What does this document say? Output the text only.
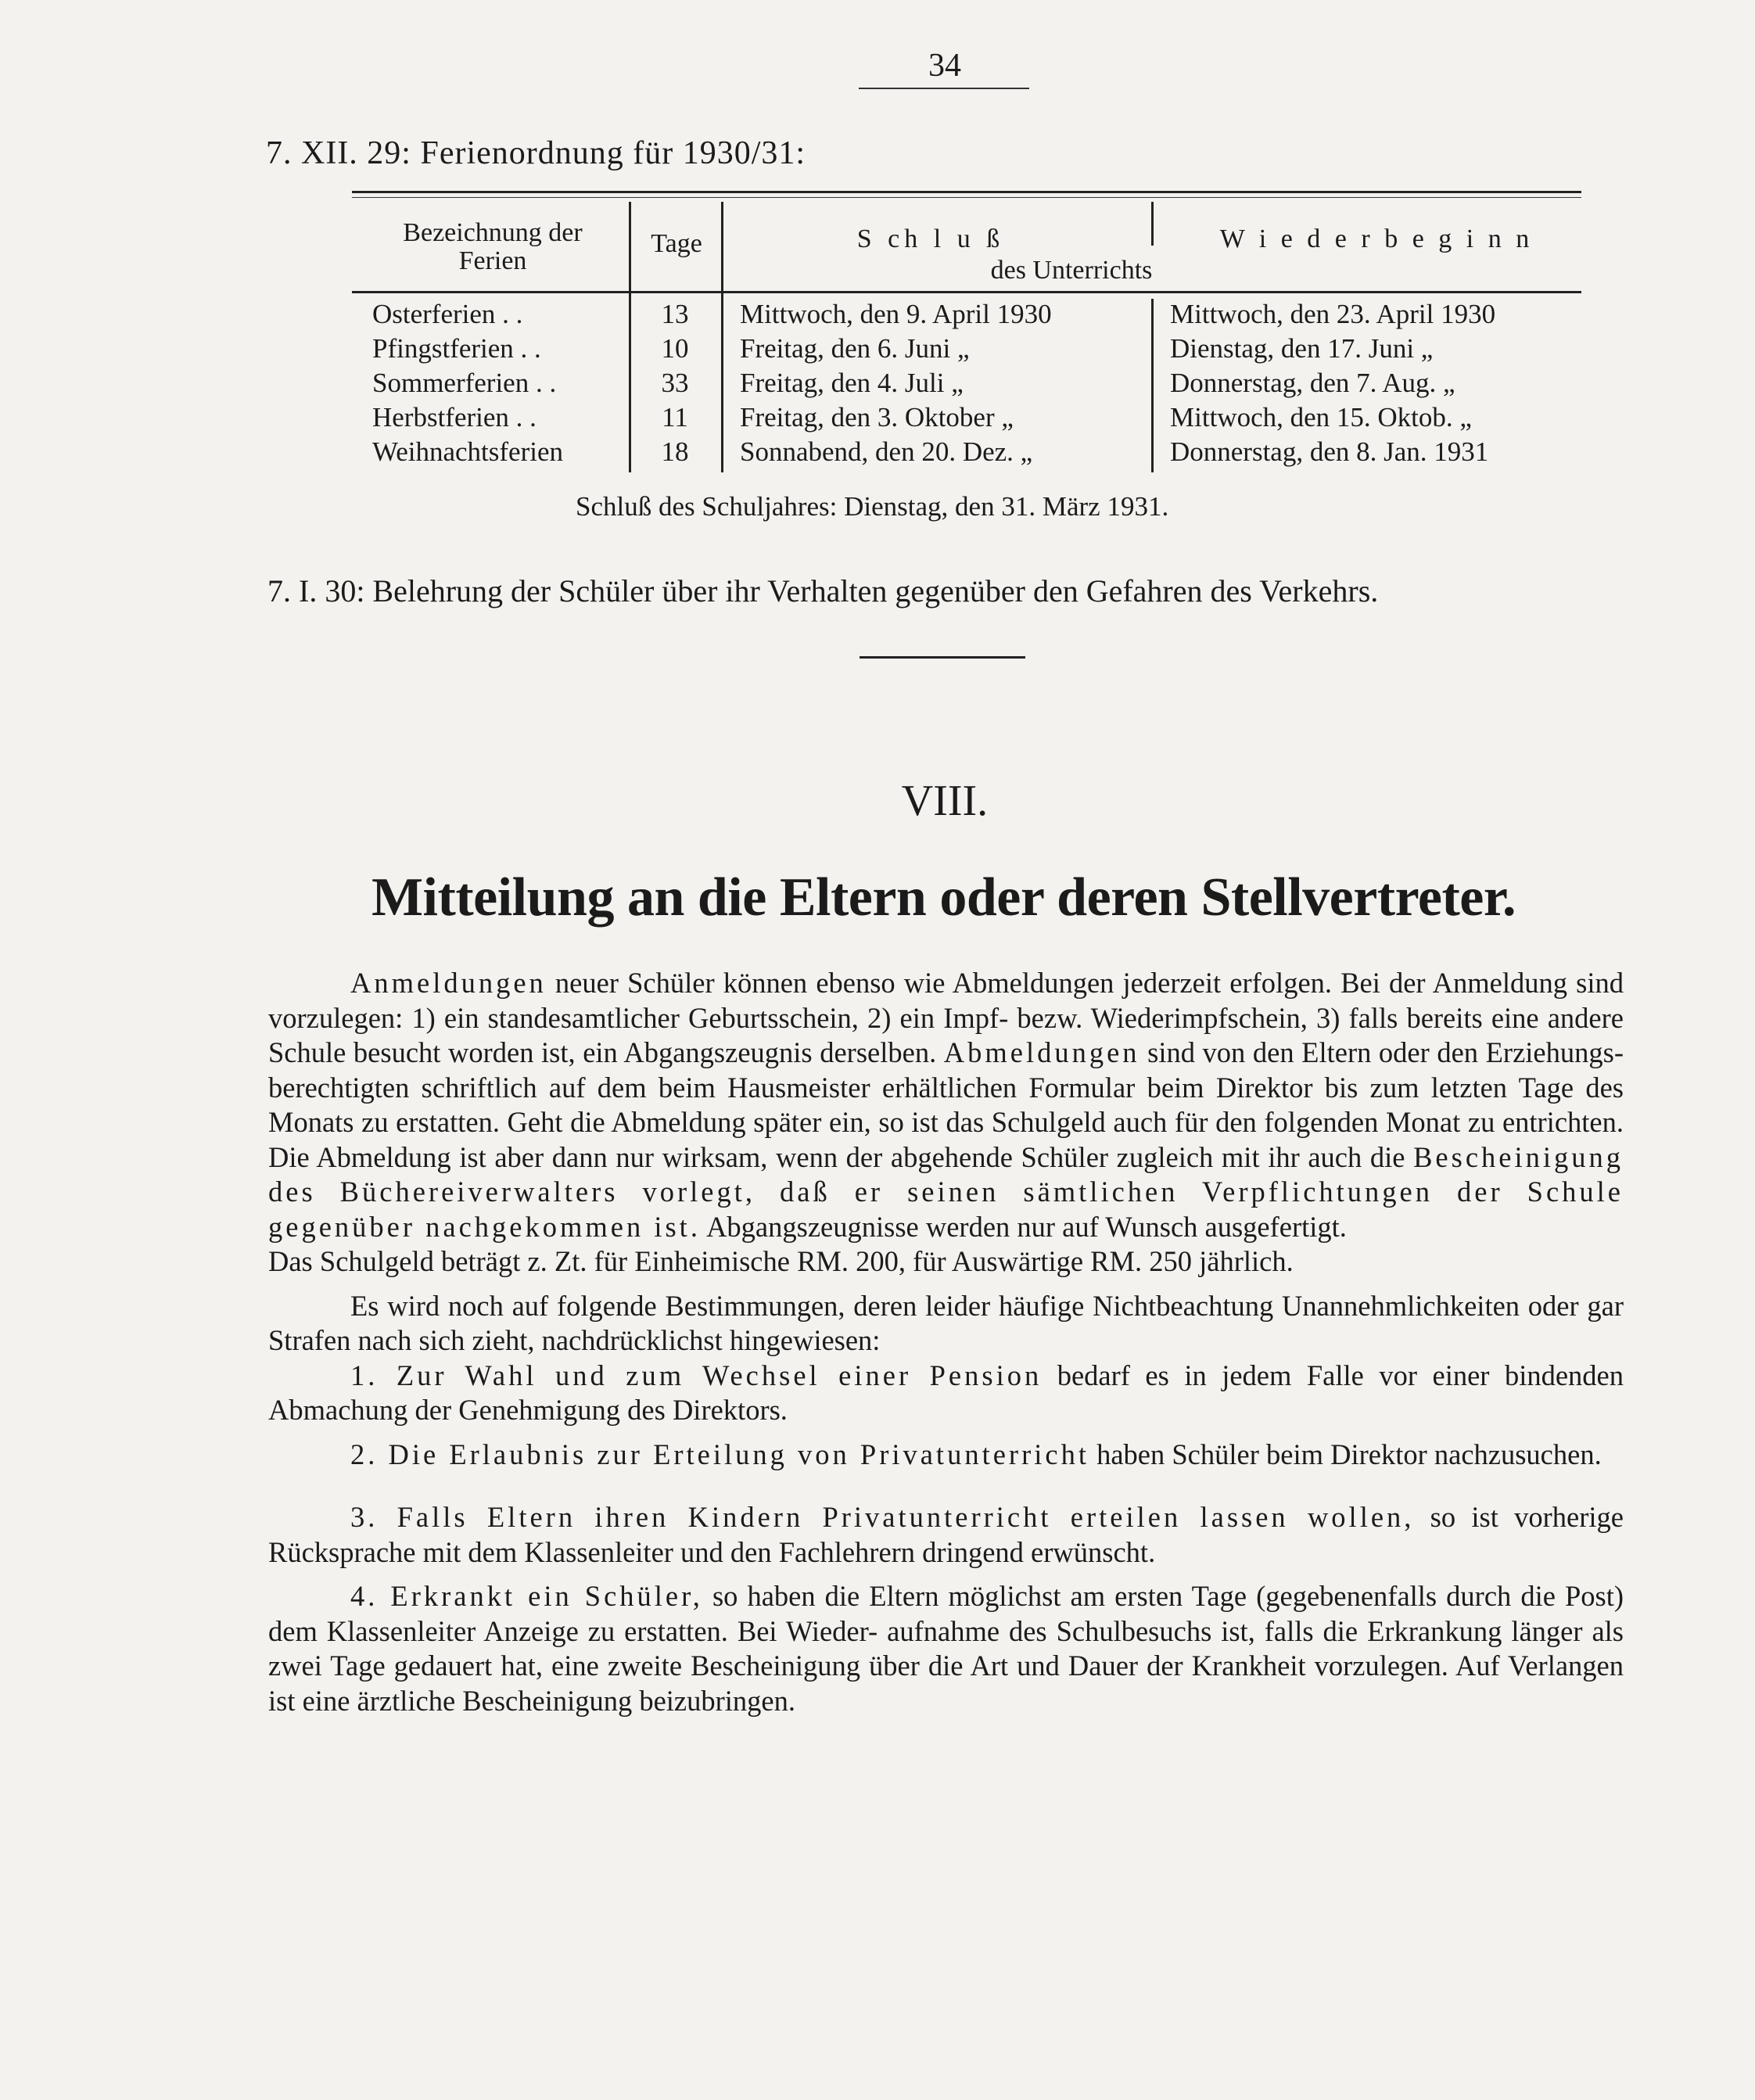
34
7. XII. 29: Ferienordnung für 1930/31:
Bezeichnung der Ferien
Tage	S ch l u ß	W i e d e r b e g i n n
des Unterrichts
Osterferien . .	13	Mittwoch, den 9. April 1930	Mittwoch, den 23. April 1930
Pfingstferien . .	10	Freitag, den 6. Juni „	Dienstag, den 17. Juni „
Sommerferien . .	33	Freitag, den 4. Juli „	Donnerstag, den 7. Aug. „
Herbstferien . .	11	Freitag, den 3. Oktober „	Mittwoch, den 15. Oktob. „
Weihnachtsferien	18	Sonnabend, den 20. Dez. „	Donnerstag, den 8. Jan. 1931
Schluß des Schuljahres: Dienstag, den 31. März 1931.
7. I. 30: Belehrung der Schüler über ihr Verhalten gegenüber den Gefahren des Verkehrs.
VIII.
Mitteilung an die Eltern oder deren Stellvertreter.

Anmeldungen neuer Schüler können ebenso wie Abmeldungen jederzeit erfolgen. Bei der Anmeldung sind vorzulegen: 1) ein standesamtlicher Geburtsschein, 2) ein Impf- bezw. Wiederimpfschein, 3) falls bereits eine andere Schule besucht worden ist, ein Abgangszeugnis derselben. Abmeldungen sind von den Eltern oder den Erziehungs- berechtigten schriftlich auf dem beim Hausmeister erhältlichen Formular beim Direktor bis zum letzten Tage des Monats zu erstatten. Geht die Abmeldung später ein, so ist das Schulgeld auch für den folgenden Monat zu entrichten. Die Abmeldung ist aber dann nur wirksam, wenn der abgehende Schüler zugleich mit ihr auch die Bescheinigung des Büchereiverwalters vorlegt, daß er seinen sämtlichen Verpflichtungen der Schule gegenüber nachgekommen ist. Abgangszeugnisse werden nur auf Wunsch ausgefertigt.

Das Schulgeld beträgt z. Zt. für Einheimische RM. 200, für Auswärtige RM. 250 jährlich.

Es wird noch auf folgende Bestimmungen, deren leider häufige Nichtbeachtung Unannehmlichkeiten oder gar Strafen nach sich zieht, nachdrücklichst hingewiesen:

1. Zur Wahl und zum Wechsel einer Pension bedarf es in jedem Falle vor einer bindenden Abmachung der Genehmigung des Direktors.

2. Die Erlaubnis zur Erteilung von Privatunterricht haben Schüler beim Direktor nachzusuchen.

3. Falls Eltern ihren Kindern Privatunterricht erteilen lassen wollen, so ist vorherige Rücksprache mit dem Klassenleiter und den Fachlehrern dringend erwünscht.

4. Erkrankt ein Schüler, so haben die Eltern möglichst am ersten Tage (gegebenenfalls durch die Post) dem Klassenleiter Anzeige zu erstatten. Bei Wieder- aufnahme des Schulbesuchs ist, falls die Erkrankung länger als zwei Tage gedauert hat, eine zweite Bescheinigung über die Art und Dauer der Krankheit vorzulegen. Auf Verlangen ist eine ärztliche Bescheinigung beizubringen.
